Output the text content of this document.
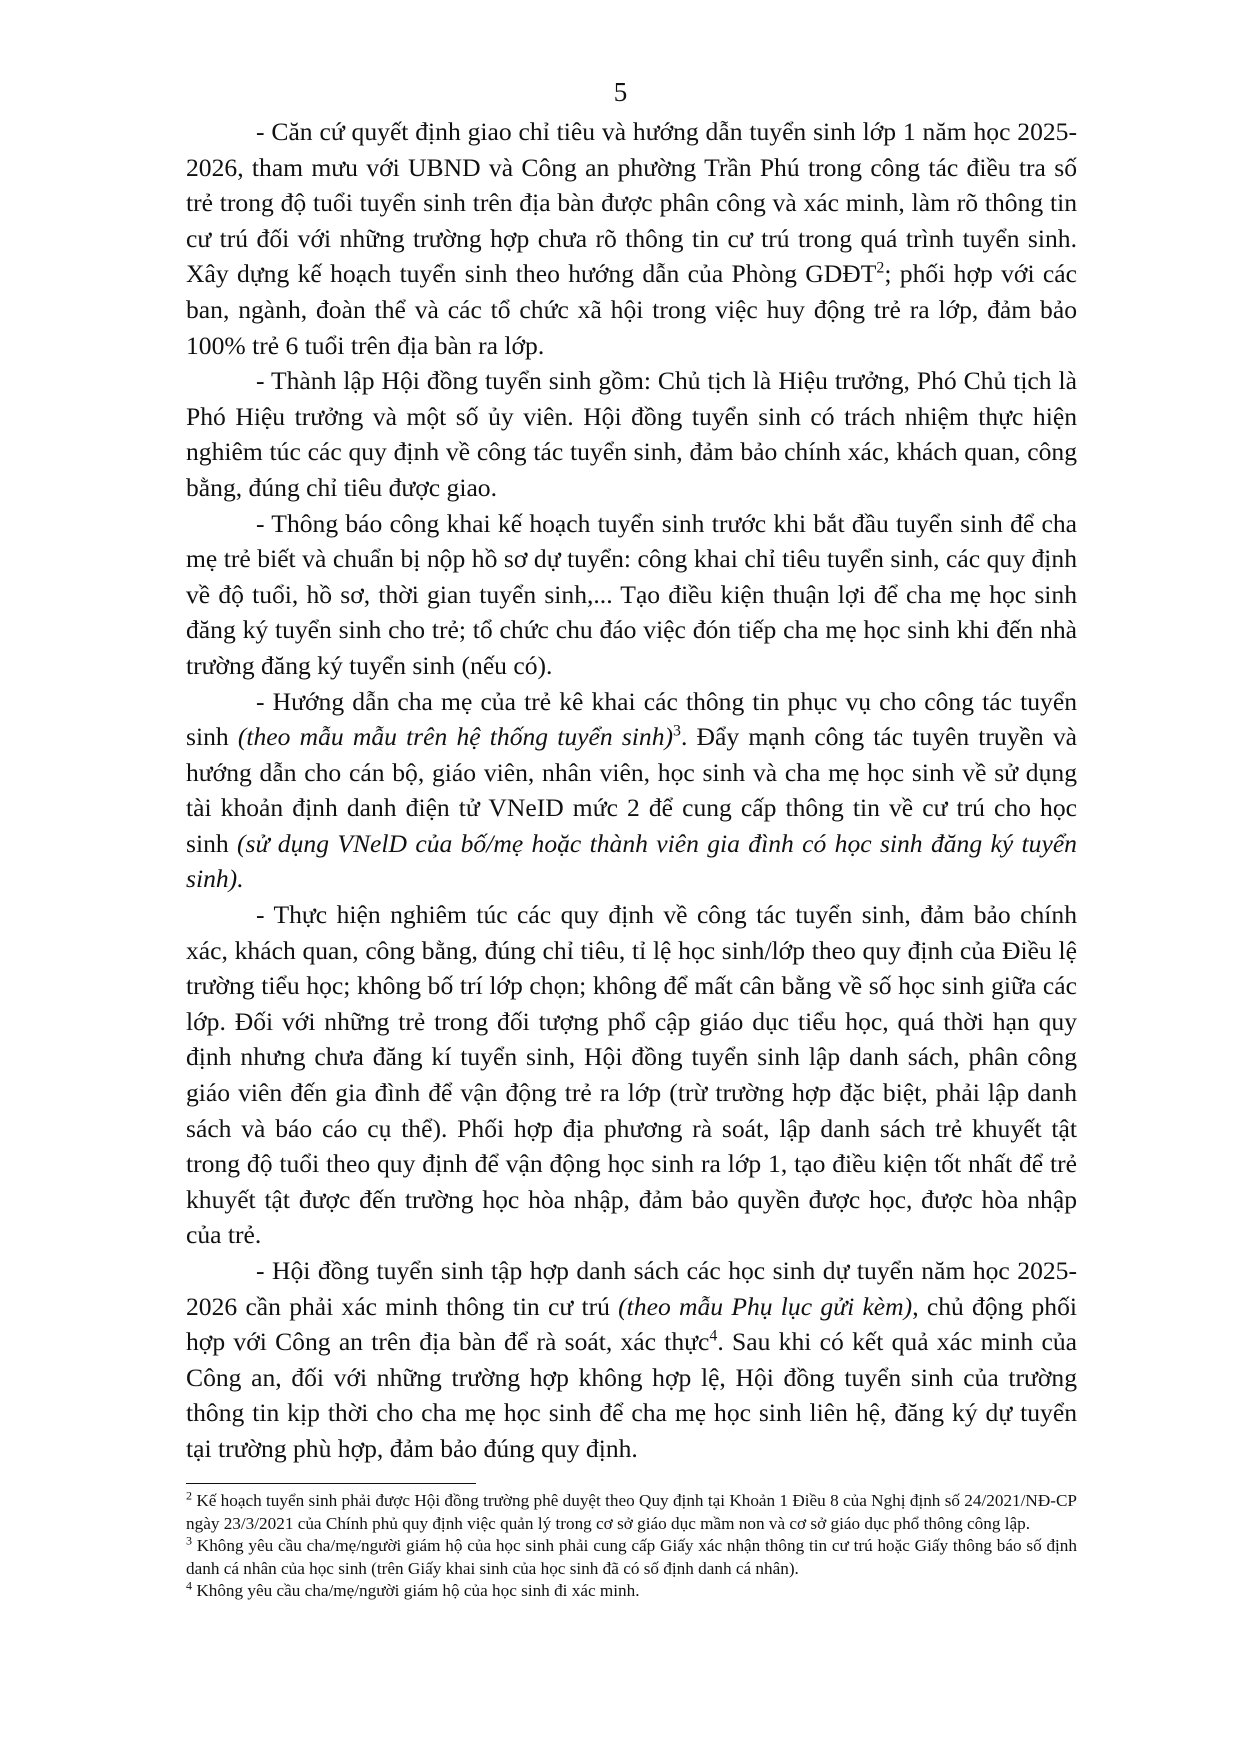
5

- Căn cứ quyết định giao chỉ tiêu và hướng dẫn tuyển sinh lớp 1 năm học 2025-2026, tham mưu với UBND và Công an phường Trần Phú trong công tác điều tra số trẻ trong độ tuổi tuyển sinh trên địa bàn được phân công và xác minh, làm rõ thông tin cư trú đối với những trường hợp chưa rõ thông tin cư trú trong quá trình tuyển sinh. Xây dựng kế hoạch tuyển sinh theo hướng dẫn của Phòng GDĐT$^2$; phối hợp với các ban, ngành, đoàn thể và các tổ chức xã hội trong việc huy động trẻ ra lớp, đảm bảo 100% trẻ 6 tuổi trên địa bàn ra lớp.

- Thành lập Hội đồng tuyển sinh gồm: Chủ tịch là Hiệu trưởng, Phó Chủ tịch là Phó Hiệu trưởng và một số ủy viên. Hội đồng tuyển sinh có trách nhiệm thực hiện nghiêm túc các quy định về công tác tuyển sinh, đảm bảo chính xác, khách quan, công bằng, đúng chỉ tiêu được giao.

- Thông báo công khai kế hoạch tuyển sinh trước khi bắt đầu tuyển sinh để cha mẹ trẻ biết và chuẩn bị nộp hồ sơ dự tuyển: công khai chỉ tiêu tuyển sinh, các quy định về độ tuổi, hồ sơ, thời gian tuyển sinh,... Tạo điều kiện thuận lợi để cha mẹ học sinh đăng ký tuyển sinh cho trẻ; tổ chức chu đáo việc đón tiếp cha mẹ học sinh khi đến nhà trường đăng ký tuyển sinh (nếu có).

- Hướng dẫn cha mẹ của trẻ kê khai các thông tin phục vụ cho công tác tuyển sinh (theo mẫu mẫu trên hệ thống tuyển sinh)$^3$. Đẩy mạnh công tác tuyên truyền và hướng dẫn cho cán bộ, giáo viên, nhân viên, học sinh và cha mẹ học sinh về sử dụng tài khoản định danh điện tử VNeID mức 2 để cung cấp thông tin về cư trú cho học sinh (sử dụng VNelD của bố/mẹ hoặc thành viên gia đình có học sinh đăng ký tuyển sinh).

- Thực hiện nghiêm túc các quy định về công tác tuyển sinh, đảm bảo chính xác, khách quan, công bằng, đúng chỉ tiêu, tỉ lệ học sinh/lớp theo quy định của Điều lệ trường tiểu học; không bố trí lớp chọn; không để mất cân bằng về số học sinh giữa các lớp. Đối với những trẻ trong đối tượng phổ cập giáo dục tiểu học, quá thời hạn quy định nhưng chưa đăng kí tuyển sinh, Hội đồng tuyển sinh lập danh sách, phân công giáo viên đến gia đình để vận động trẻ ra lớp (trừ trường hợp đặc biệt, phải lập danh sách và báo cáo cụ thể). Phối hợp địa phương rà soát, lập danh sách trẻ khuyết tật trong độ tuổi theo quy định để vận động học sinh ra lớp 1, tạo điều kiện tốt nhất để trẻ khuyết tật được đến trường học hòa nhập, đảm bảo quyền được học, được hòa nhập của trẻ.

- Hội đồng tuyển sinh tập hợp danh sách các học sinh dự tuyển năm học 2025-2026 cần phải xác minh thông tin cư trú (theo mẫu Phụ lục gửi kèm), chủ động phối hợp với Công an trên địa bàn để rà soát, xác thực$^4$. Sau khi có kết quả xác minh của Công an, đối với những trường hợp không hợp lệ, Hội đồng tuyển sinh của trường thông tin kịp thời cho cha mẹ học sinh để cha mẹ học sinh liên hệ, đăng ký dự tuyển tại trường phù hợp, đảm bảo đúng quy định.

$^2$ Kế hoạch tuyển sinh phải được Hội đồng trường phê duyệt theo Quy định tại Khoản 1 Điều 8 của Nghị định số 24/2021/NĐ-CP ngày 23/3/2021 của Chính phủ quy định việc quản lý trong cơ sở giáo dục mầm non và cơ sở giáo dục phổ thông công lập.

$^3$ Không yêu cầu cha/mẹ/người giám hộ của học sinh phải cung cấp Giấy xác nhận thông tin cư trú hoặc Giấy thông báo số định danh cá nhân của học sinh (trên Giấy khai sinh của học sinh đã có số định danh cá nhân).

$^4$ Không yêu cầu cha/mẹ/người giám hộ của học sinh đi xác minh.
